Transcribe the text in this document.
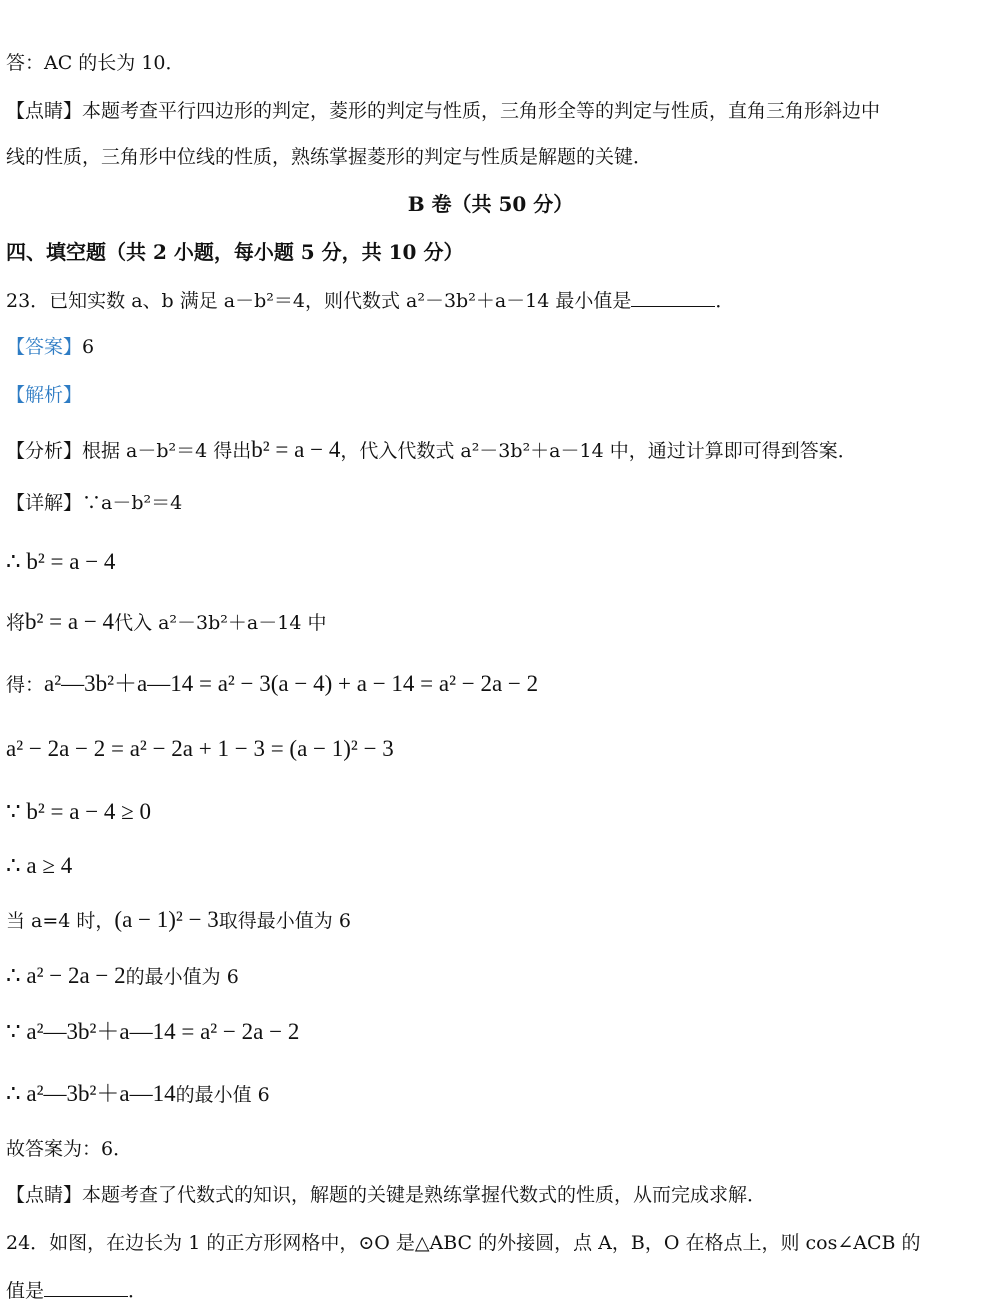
答：AC 的长为 10．
【点睛】本题考查平行四边形的判定，菱形的判定与性质，三角形全等的判定与性质，直角三角形斜边中
线的性质，三角形中位线的性质，熟练掌握菱形的判定与性质是解题的关键．
B 卷（共 50 分）
四、填空题（共 2 小题，每小题 5 分，共 10 分）
23．已知实数 a、b 满足 a－b²＝4，则代数式 a²－3b²＋a－14 最小值是	．
【答案】6
【解析】
【分析】根据 a－b²＝4 得出b² = a − 4，代入代数式 a²－3b²＋a－14 中，通过计算即可得到答案．
【详解】∵a－b²＝4
∴ b² = a − 4
将b² = a − 4代入 a²－3b²＋a－14 中
得：a²—3b²＋a—14 = a² − 3(a − 4) + a − 14 = a² − 2a − 2
a² − 2a − 2 = a² − 2a + 1 − 3 = (a − 1)² − 3
∵ b² = a − 4 ≥ 0
∴ a ≥ 4
当 a=4 时，(a − 1)² − 3取得最小值为 6
∴ a² − 2a − 2的最小值为 6
∵ a²—3b²＋a—14 = a² − 2a − 2
∴ a²—3b²＋a—14的最小值 6
故答案为：6．
【点睛】本题考查了代数式的知识，解题的关键是熟练掌握代数式的性质，从而完成求解．
24．如图，在边长为 1 的正方形网格中，⊙O 是△ABC 的外接圆，点 A，B，O 在格点上，则 cos∠ACB 的
值是	．
